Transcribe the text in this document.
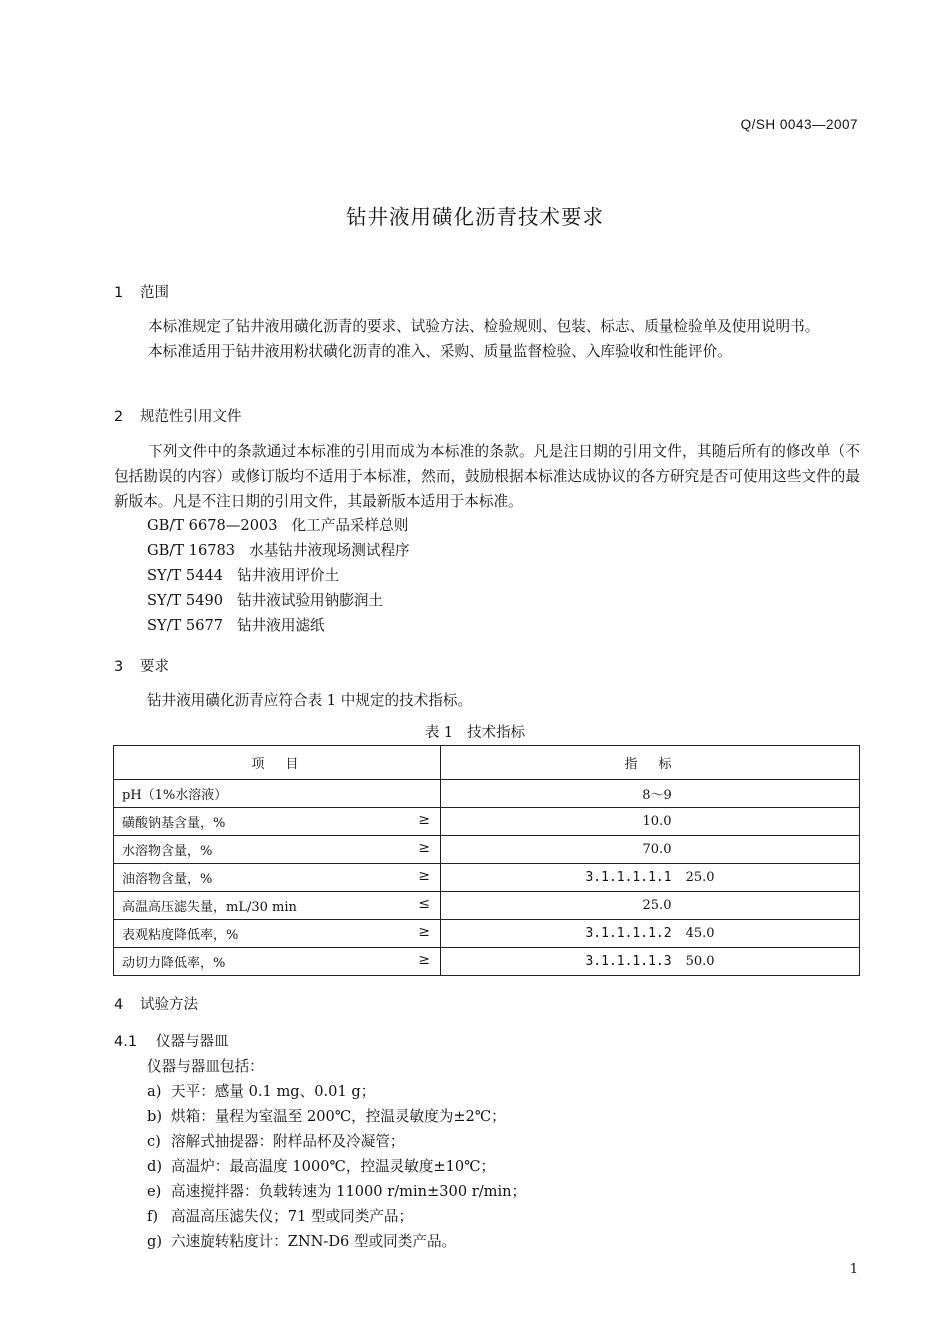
Q/SH 0043—2007
钻井液用磺化沥青技术要求
1 范围

本标准规定了钻井液用磺化沥青的要求、试验方法、检验规则、包装、标志、质量检验单及使用说明书。

本标准适用于钻井液用粉状磺化沥青的准入、采购、质量监督检验、入库验收和性能评价。

2 规范性引用文件

下列文件中的条款通过本标准的引用而成为本标准的条款。凡是注日期的引用文件，其随后所有的修改单（不包括勘误的内容）或修订版均不适用于本标准，然而，鼓励根据本标准达成协议的各方研究是否可使用这些文件的最新版本。凡是不注日期的引用文件，其最新版本适用于本标准。

GB/T 6678—2003 化工产品采样总则
GB/T 16783 水基钻井液现场测试程序
SY/T 5444 钻井液用评价土
SY/T 5490 钻井液试验用钠膨润土
SY/T 5677 钻井液用滤纸
3 要求
钻井液用磺化沥青应符合表 1 中规定的技术指标。
表 1 技术指标
项　目	指　标
pH（1%水溶液）	8～9
磺酸钠基含量，% ≥	10.0
水溶物含量，% ≥	70.0
油溶物含量，% ≥	3.1.1.1.1.1 25.0
高温高压滤失量，mL/30 min ≤	25.0
表观粘度降低率，% ≥	3.1.1.1.1.2 45.0
动切力降低率，% ≥	3.1.1.1.1.3 50.0
4 试验方法
4.1 仪器与器皿
仪器与器皿包括：
a) 天平：感量 0.1 mg、0.01 g；
b) 烘箱：量程为室温至 200℃，控温灵敏度为±2℃；
c) 溶解式抽提器：附样品杯及冷凝管；
d) 高温炉：最高温度 1000℃，控温灵敏度±10℃；
e) 高速搅拌器：负载转速为 11000 r/min±300 r/min；
f) 高温高压滤失仪；71 型或同类产品；
g) 六速旋转粘度计：ZNN-D6 型或同类产品。
1
